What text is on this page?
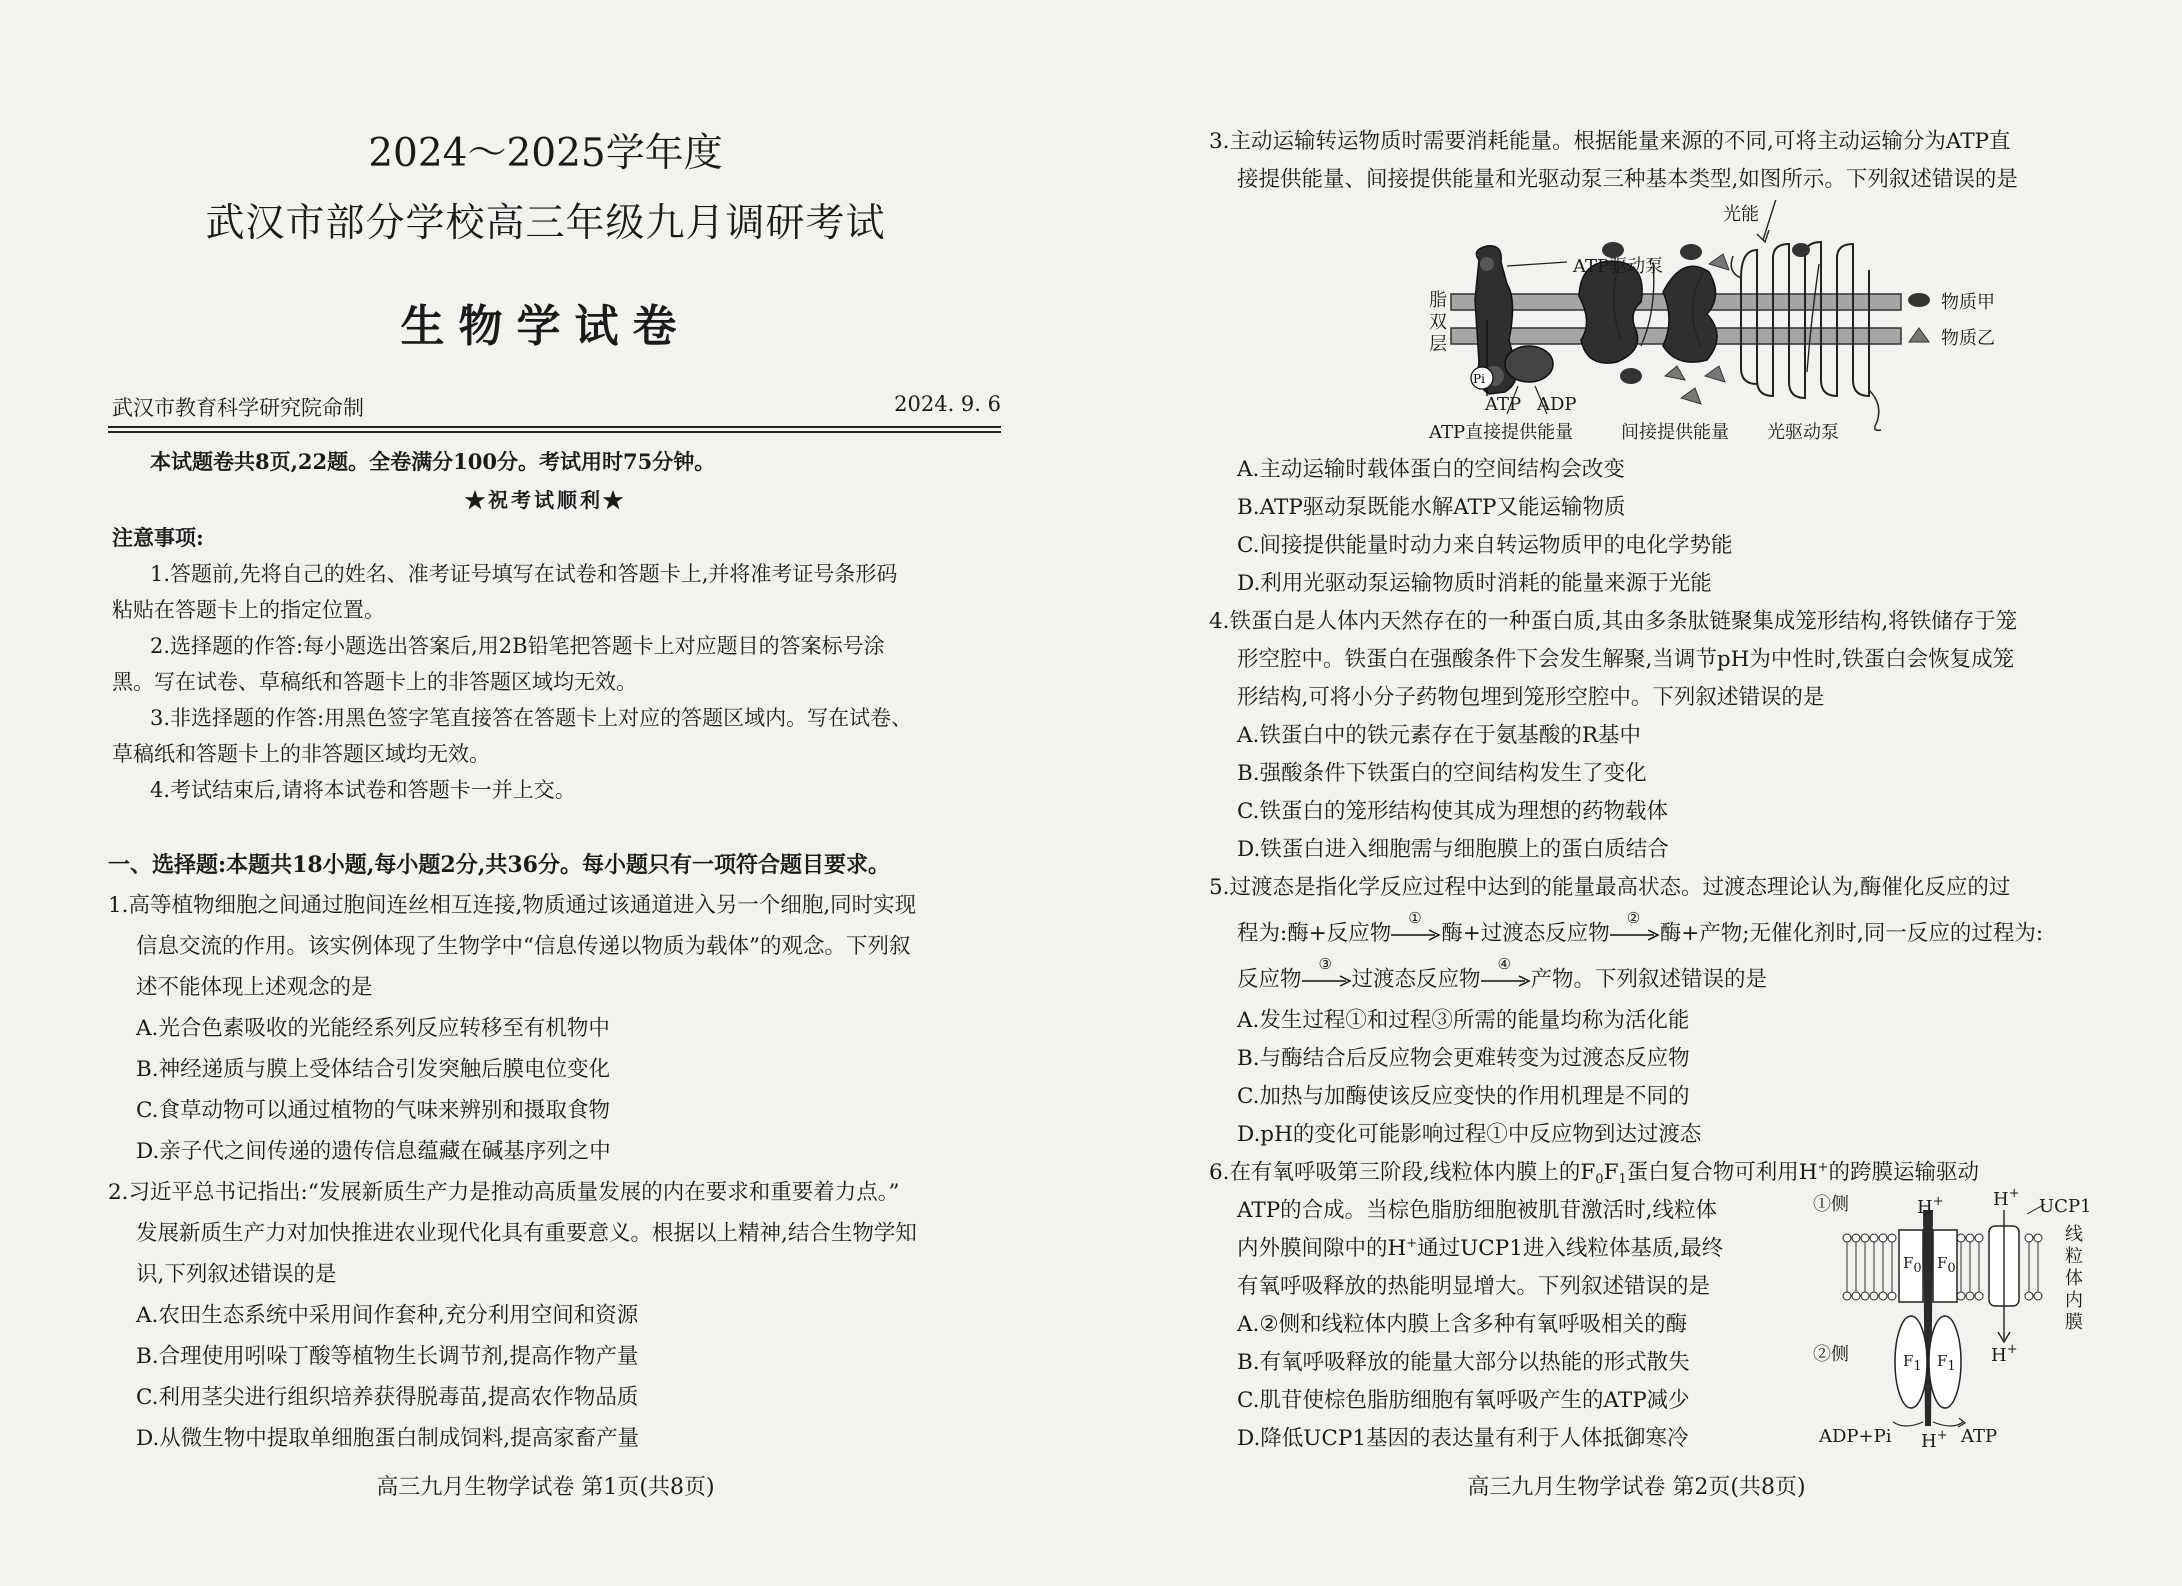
2024～2025学年度
武汉市部分学校高三年级九月调研考试
生物学试卷
武汉市教育科学研究院命制	2024. 9. 6
本试题卷共8页,22题。全卷满分100分。考试用时75分钟。
★祝考试顺利★
注意事项:
1.答题前,先将自己的姓名、准考证号填写在试卷和答题卡上,并将准考证号条形码
粘贴在答题卡上的指定位置。
2.选择题的作答:每小题选出答案后,用2B铅笔把答题卡上对应题目的答案标号涂
黑。写在试卷、草稿纸和答题卡上的非答题区域均无效。
3.非选择题的作答:用黑色签字笔直接答在答题卡上对应的答题区域内。写在试卷、
草稿纸和答题卡上的非答题区域均无效。
4.考试结束后,请将本试卷和答题卡一并上交。
一、选择题:本题共18小题,每小题2分,共36分。每小题只有一项符合题目要求。
1.高等植物细胞之间通过胞间连丝相互连接,物质通过该通道进入另一个细胞,同时实现
信息交流的作用。该实例体现了生物学中“信息传递以物质为载体”的观念。下列叙
述不能体现上述观念的是
A.光合色素吸收的光能经系列反应转移至有机物中
B.神经递质与膜上受体结合引发突触后膜电位变化
C.食草动物可以通过植物的气味来辨别和摄取食物
D.亲子代之间传递的遗传信息蕴藏在碱基序列之中
2.习近平总书记指出:“发展新质生产力是推动高质量发展的内在要求和重要着力点。”
发展新质生产力对加快推进农业现代化具有重要意义。根据以上精神,结合生物学知
识,下列叙述错误的是
A.农田生态系统中采用间作套种,充分利用空间和资源
B.合理使用吲哚丁酸等植物生长调节剂,提高作物产量
C.利用茎尖进行组织培养获得脱毒苗,提高农作物品质
D.从微生物中提取单细胞蛋白制成饲料,提高家畜产量
高三九月生物学试卷 第1页(共8页)
3.主动运输转运物质时需要消耗能量。根据能量来源的不同,可将主动运输分为ATP直
接提供能量、间接提供能量和光驱动泵三种基本类型,如图所示。下列叙述错误的是
Pi
光能
ATP驱动泵
脂
双
层
ATP ADP
物质甲
物质乙
ATP直接提供能量	间接提供能量 光驱动泵
A.主动运输时载体蛋白的空间结构会改变
B.ATP驱动泵既能水解ATP又能运输物质
C.间接提供能量时动力来自转运物质甲的电化学势能
D.利用光驱动泵运输物质时消耗的能量来源于光能
4.铁蛋白是人体内天然存在的一种蛋白质,其由多条肽链聚集成笼形结构,将铁储存于笼
形空腔中。铁蛋白在强酸条件下会发生解聚,当调节pH为中性时,铁蛋白会恢复成笼
形结构,可将小分子药物包埋到笼形空腔中。下列叙述错误的是
A.铁蛋白中的铁元素存在于氨基酸的R基中
B.强酸条件下铁蛋白的空间结构发生了变化
C.铁蛋白的笼形结构使其成为理想的药物载体
D.铁蛋白进入细胞需与细胞膜上的蛋白质结合
5.过渡态是指化学反应过程中达到的能量最高状态。过渡态理论认为,酶催化反应的过
程为:酶+反应物
①
酶+过渡态反应物
②
酶+产物;无催化剂时,同一反应的过程为:
反应物
③
过渡态反应物
④
产物。下列叙述错误的是
A.发生过程①和过程③所需的能量均称为活化能
B.与酶结合后反应物会更难转变为过渡态反应物
C.加热与加酶使该反应变快的作用机理是不同的
D.pH的变化可能影响过程①中反应物到达过渡态
6.在有氧呼吸第三阶段,线粒体内膜上的$F_0F_1$蛋白复合物可利用H+的跨膜运输驱动
ATP的合成。当棕色脂肪细胞被肌苷激活时,线粒体
内外膜间隙中的H+通过UCP1进入线粒体基质,最终
有氧呼吸释放的热能明显增大。下列叙述错误的是
A.②侧和线粒体内膜上含多种有氧呼吸相关的酶
B.有氧呼吸释放的能量大部分以热能的形式散失
C.肌苷使棕色脂肪细胞有氧呼吸产生的ATP减少
D.降低UCP1基因的表达量有利于人体抵御寒冷
①侧
②侧
H+	H+
H+
H+
UCP1
线
粒
体
内
膜
$F_0$ $F_0$
$F_1$ $F_1$
ADP+Pi	ATP
高三九月生物学试卷 第2页(共8页)
